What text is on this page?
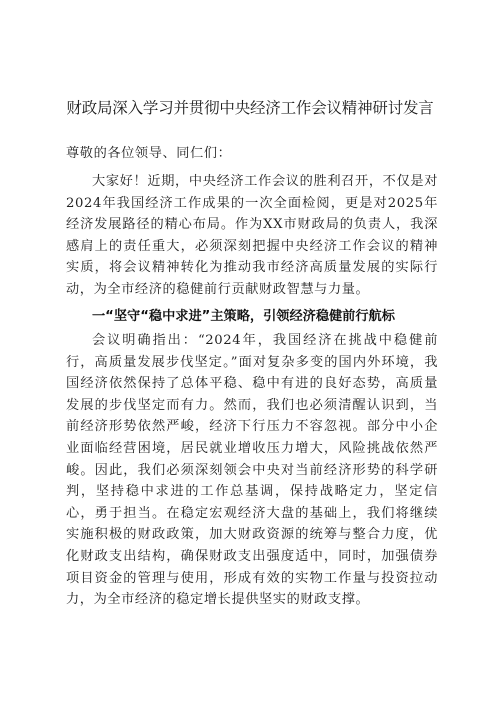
财政局深入学习并贯彻中央经济工作会议精神研讨发言

尊敬的各位领导、同仁们：

大家好！近期，中央经济工作会议的胜利召开，不仅是对2024年我国经济工作成果的一次全面检阅，更是对2025年经济发展路径的精心布局。作为XX市财政局的负责人，我深感肩上的责任重大，必须深刻把握中央经济工作会议的精神实质，将会议精神转化为推动我市经济高质量发展的实际行动，为全市经济的稳健前行贡献财政智慧与力量。

一“坚守“稳中求进”主策略，引领经济稳健前行航标

会议明确指出：“2024年，我国经济在挑战中稳健前行，高质量发展步伐坚定。”面对复杂多变的国内外环境，我国经济依然保持了总体平稳、稳中有进的良好态势，高质量发展的步伐坚定而有力。然而，我们也必须清醒认识到，当前经济形势依然严峻，经济下行压力不容忽视。部分中小企业面临经营困境，居民就业增收压力增大，风险挑战依然严峻。因此，我们必须深刻领会中央对当前经济形势的科学研判，坚持稳中求进的工作总基调，保持战略定力，坚定信心，勇于担当。在稳定宏观经济大盘的基础上，我们将继续实施积极的财政政策，加大财政资源的统筹与整合力度，优化财政支出结构，确保财政支出强度适中，同时，加强债券项目资金的管理与使用，形成有效的实物工作量与投资拉动力，为全市经济的稳定增长提供坚实的财政支撑。
